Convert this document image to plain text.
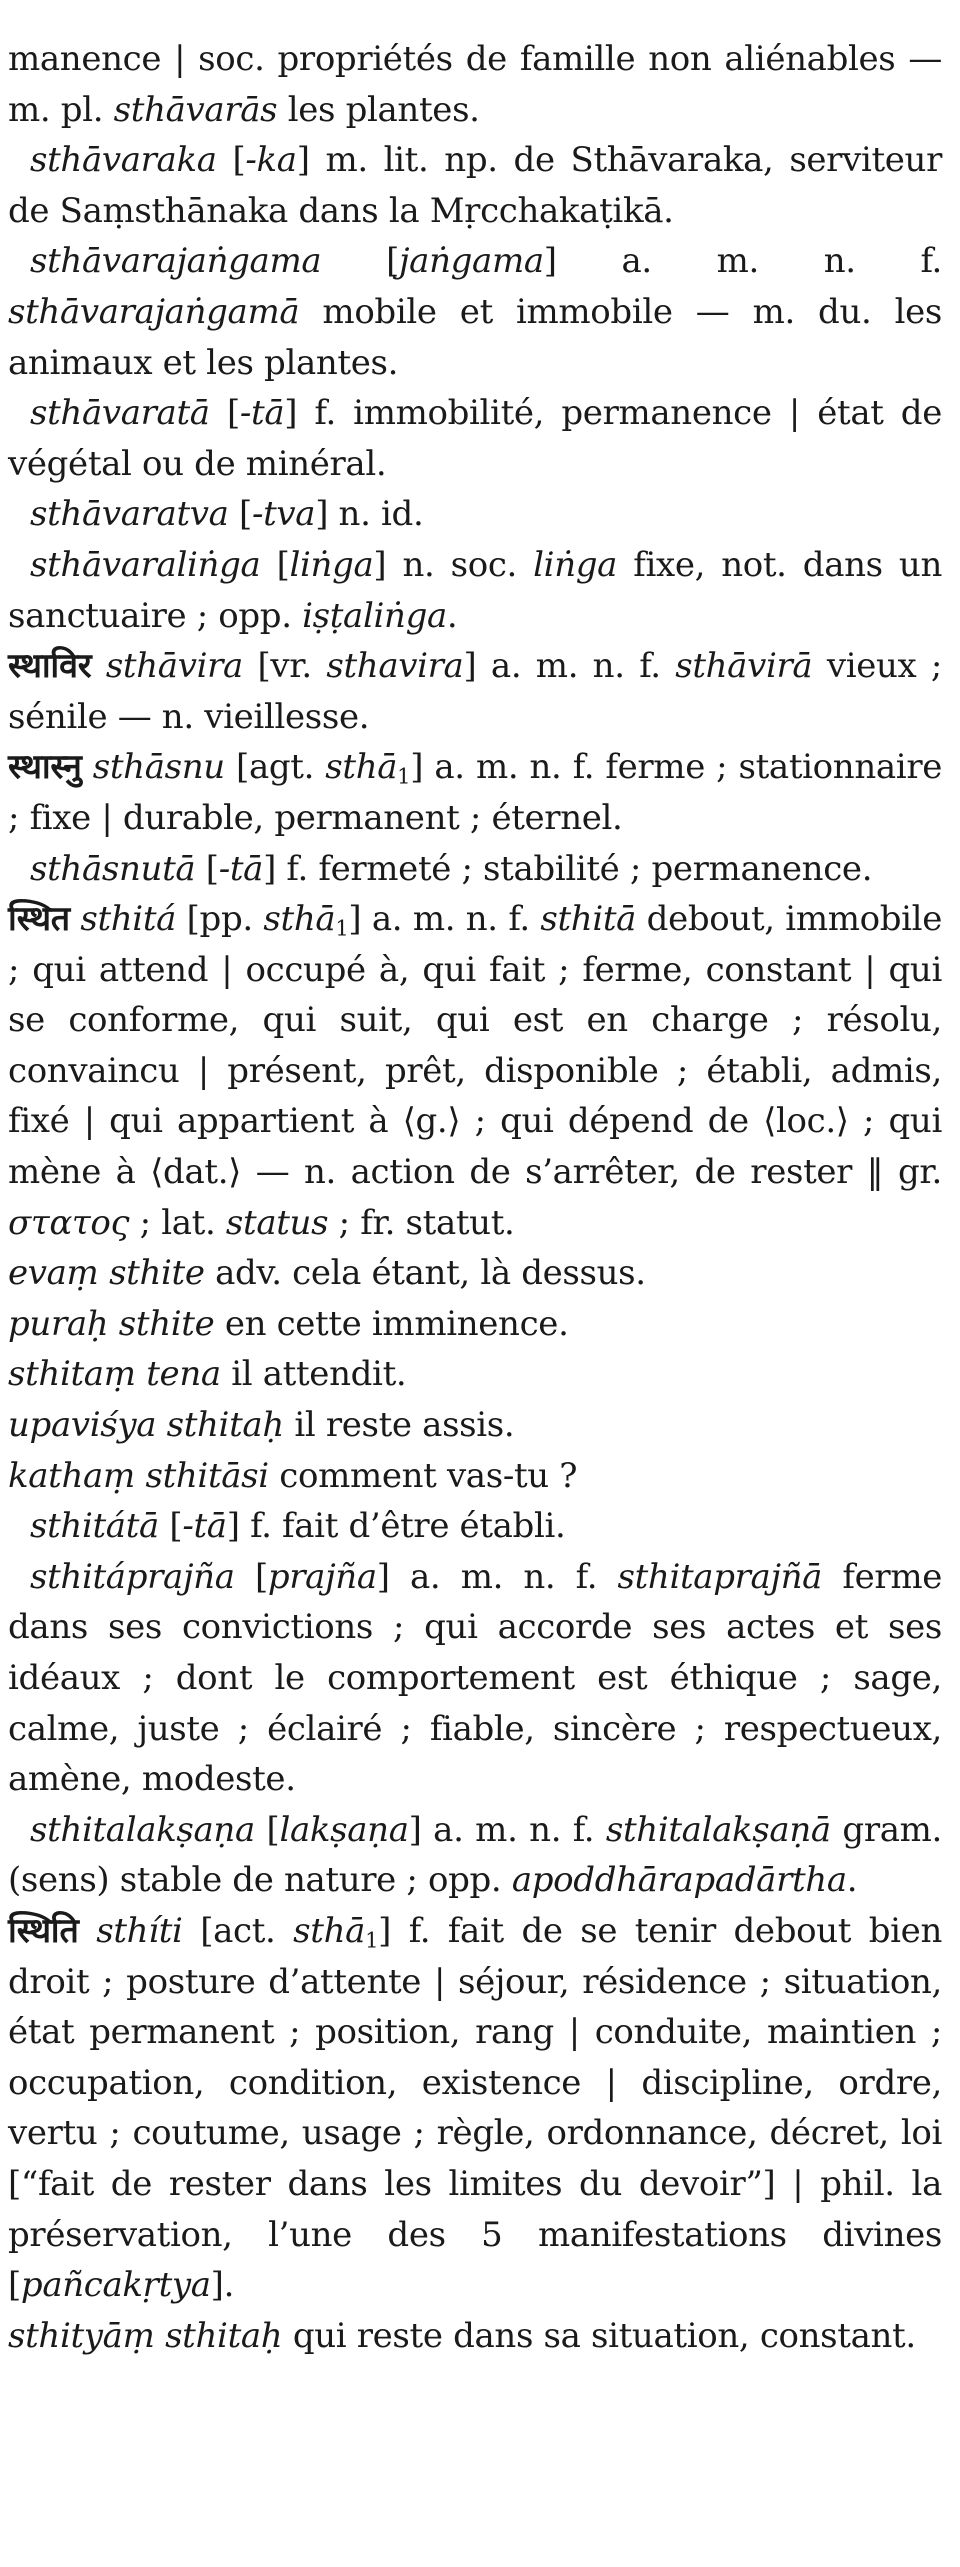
manence | soc. propriétés de famille non aliénables — m. pl. sthāvarās les plantes.

sthāvaraka [-ka] m. lit. np. de Sthāvaraka, serviteur de Saṃsthānaka dans la Mṛcchakaṭikā.

sthāvarajaṅgama [jaṅgama] a. m. n. f. sthāvarajaṅgamā mobile et immobile — m. du. les animaux et les plantes.

sthāvaratā [-tā] f. immobilité, permanence | état de végétal ou de minéral.

sthāvaratva [-tva] n. id.

sthāvaraliṅga [liṅga] n. soc. liṅga fixe, not. dans un sanctuaire ; opp. iṣṭaliṅga.

स्थाविर sthāvira [vr. sthavira] a. m. n. f. sthāvirā vieux ; sénile — n. vieillesse.

स्थास्नु sthāsnu [agt. sthā$_1$] a. m. n. f. ferme ; stationnaire ; fixe | durable, permanent ; éternel.

sthāsnutā [-tā] f. fermeté ; stabilité ; permanence.

स्थित sthitá [pp. sthā$_1$] a. m. n. f. sthitā debout, immobile ; qui attend | occupé à, qui fait ; ferme, constant | qui se conforme, qui suit, qui est en charge ; résolu, convaincu | présent, prêt, disponible ; établi, admis, fixé | qui appartient à ⟨g.⟩ ; qui dépend de ⟨loc.⟩ ; qui mène à ⟨dat.⟩ — n. action de s’arrêter, de rester ‖ gr. στατος ; lat. status ; fr. statut.

evaṃ sthite adv. cela étant, là dessus.

puraḥ sthite en cette imminence.

sthitaṃ tena il attendit.

upaviśya sthitaḥ il reste assis.

kathaṃ sthitāsi comment vas-tu ?

sthitátā [-tā] f. fait d’être établi.

sthitáprajña [prajña] a. m. n. f. sthitaprajñā ferme dans ses convictions ; qui accorde ses actes et ses idéaux ; dont le comportement est éthique ; sage, calme, juste ; éclairé ; fiable, sincère ; respectueux, amène, modeste.

sthitalakṣaṇa [lakṣaṇa] a. m. n. f. sthitalakṣaṇā gram. (sens) stable de nature ; opp. apoddhārapadārtha.

स्थिति sthíti [act. sthā$_1$] f. fait de se tenir debout bien droit ; posture d’attente | séjour, résidence ; situation, état permanent ; position, rang | conduite, maintien ; occupation, condition, existence | discipline, ordre, vertu ; coutume, usage ; règle, ordonnance, décret, loi [“fait de rester dans les limites du devoir”] | phil. la préservation, l’une des 5 manifestations divines [pañcakṛtya].

sthityāṃ sthitaḥ qui reste dans sa situation, constant.
